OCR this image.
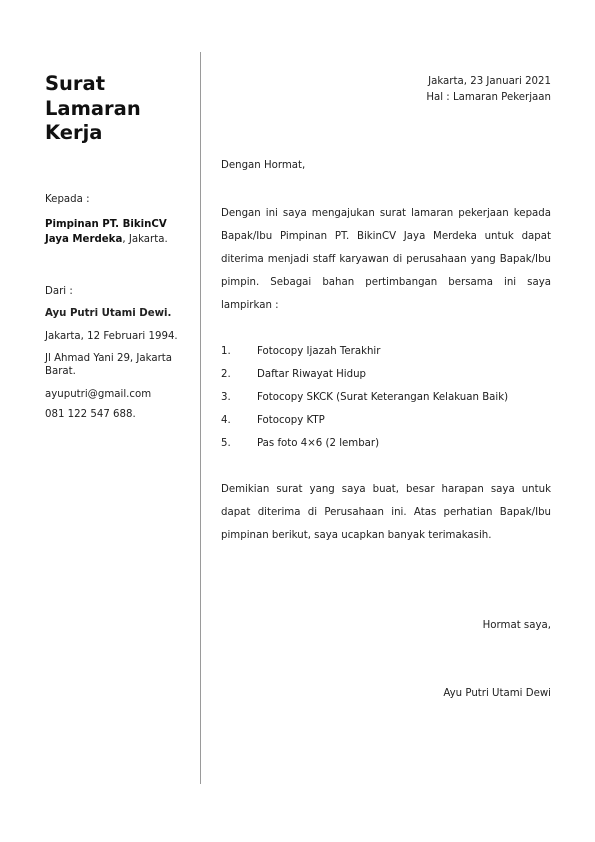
Surat
Lamaran
Kerja
Kepada :
Pimpinan PT. BikinCV
Jaya Merdeka, Jakarta.
Dari :
Ayu Putri Utami Dewi.
Jakarta, 12 Februari 1994.
Jl Ahmad Yani 29, Jakarta
Barat.
ayuputri@gmail.com
081 122 547 688.
Jakarta, 23 Januari 2021
Hal : Lamaran Pekerjaan
Dengan Hormat,
Dengan ini saya mengajukan surat lamaran pekerjaan kepada Bapak/Ibu Pimpinan PT. BikinCV Jaya Merdeka untuk dapat diterima menjadi staff karyawan di perusahaan yang Bapak/Ibu pimpin. Sebagai bahan pertimbangan bersama ini saya lampirkan :
1.	Fotocopy Ijazah Terakhir
2.	Daftar Riwayat Hidup
3.	Fotocopy SKCK (Surat Keterangan Kelakuan Baik)
4.	Fotocopy KTP
5.	Pas foto 4×6 (2 lembar)
Demikian surat yang saya buat, besar harapan saya untuk dapat diterima di Perusahaan ini. Atas perhatian Bapak/Ibu pimpinan berikut, saya ucapkan banyak terimakasih.
Hormat saya,
Ayu Putri Utami Dewi
